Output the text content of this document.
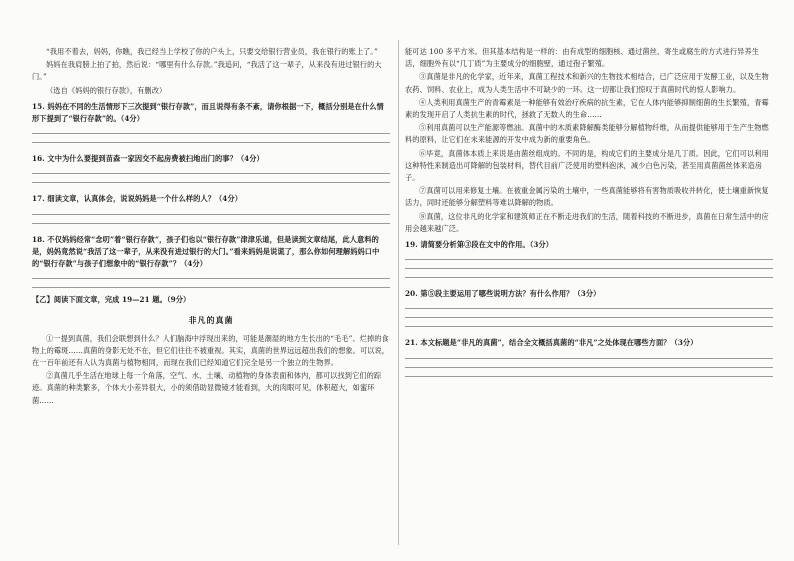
“我用不着去，妈妈，你瞧，我已经当上学校了你的户头上，只要交给银行营业员，我在银行的账上了。”

妈妈在我肩膀上拍了拍，然后说：“哪里有什么存款。”我追问，“我活了这一辈子，从来没有进过银行的大门。”

（选自《妈妈的银行存款》，有删改）

15. 妈妈在不同的生活情形下三次提到“银行存款”，而且说得有条不紊，请你根据一下，概括分别是在什么情形下提到了“银行存款”的。（4分）

16. 文中为什么要提到苗森一家因交不起房费被扫地出门的事？（4分）

17. 细读文章，认真体会，说说妈妈是一个什么样的人？（4分）

18. 不仅妈妈经常“念叨”着“银行存款”，孩子们也以“银行存款”津津乐道，但是读到文章结尾，此人意料的是，妈妈竟然说“我活了这一辈子，从来没有进过银行的大门。”看来妈妈是说谎了，那么你如何理解妈妈口中的“银行存款”与孩子们想象中的“银行存款”？（4分）

【乙】阅读下面文章，完成 19—21 题。（9分）

非凡的真菌

①一提到真菌，我们会联想到什么？人们脑海中浮现出来的，可能是潮湿的地方生长出的“毛毛”、烂掉的食物上的霉斑……真菌的身影无处不在，但它们往往不被重视。其实，真菌的世界远远超出我们的想象。可以说，在一百年前还有人认为真菌与植物相同，而现在我们已经知道它们完全是另一个独立的生物界。

②真菌几乎生活在地球上每一个角落，空气、水、土壤、动植物的身体表面和体内，都可以找到它们的踪迹。真菌的种类繁多，个体大小差异很大，小的须借助显微镜才能看到，大的肉眼可见，体积超大，如蜜环菌……

能可达 100 多平方米。但其基本结构是一样的：由有成型的细胞核、通过菌丝、寄生或腐生的方式进行异养生活，细胞外有以“几丁质”为主要成分的细胞壁，通过孢子繁殖。

③真菌是非凡的化学家，近年来，真菌工程技术和新兴的生物技术相结合，已广泛应用于发酵工业，以及生物农药、饲料、农业上，成为人类生活中不可缺少的一环。这一切都让我们惊叹于真菌时代的惊人影响力。

④人类利用真菌生产的青霉素是一种能够有效治疗疾病的抗生素，它在人体内能够抑制细菌的生长繁殖，青霉素的发现开启了人类抗生素的时代，拯救了无数人的生命……

⑤利用真菌可以生产能源等燃油。真菌中的木质素降解酶类能够分解植物纤维，从而提供能够用于生产生物燃料的原料，让它们在未来能源的开发中成为新的重要角色。

⑥毕竟，真菌体本质上来说是由菌丝组成的。不同的是，构成它们的主要成分是几丁质。因此，它们可以利用这种特性来制造出可降解的包装材料，替代目前广泛使用的塑料泡沫，减少白色污染，甚至用真菌菌丝体来造房子。

⑦真菌可以用来修复土壤。在被重金属污染的土壤中，一些真菌能够将有害物质吸收并转化，使土壤重新恢复活力，同时还能够分解塑料等难以降解的物质。

⑧真菌，这位非凡的化学家和建筑师正在不断走进我们的生活，随着科技的不断进步，真菌在日常生活中的应用会越来越广泛。

19. 请简要分析第③段在文中的作用。（3分）

20. 第⑤段主要运用了哪些说明方法？有什么作用？（3分）

21. 本文标题是“非凡的真菌”，结合全文概括真菌的“非凡”之处体现在哪些方面？（3分）
